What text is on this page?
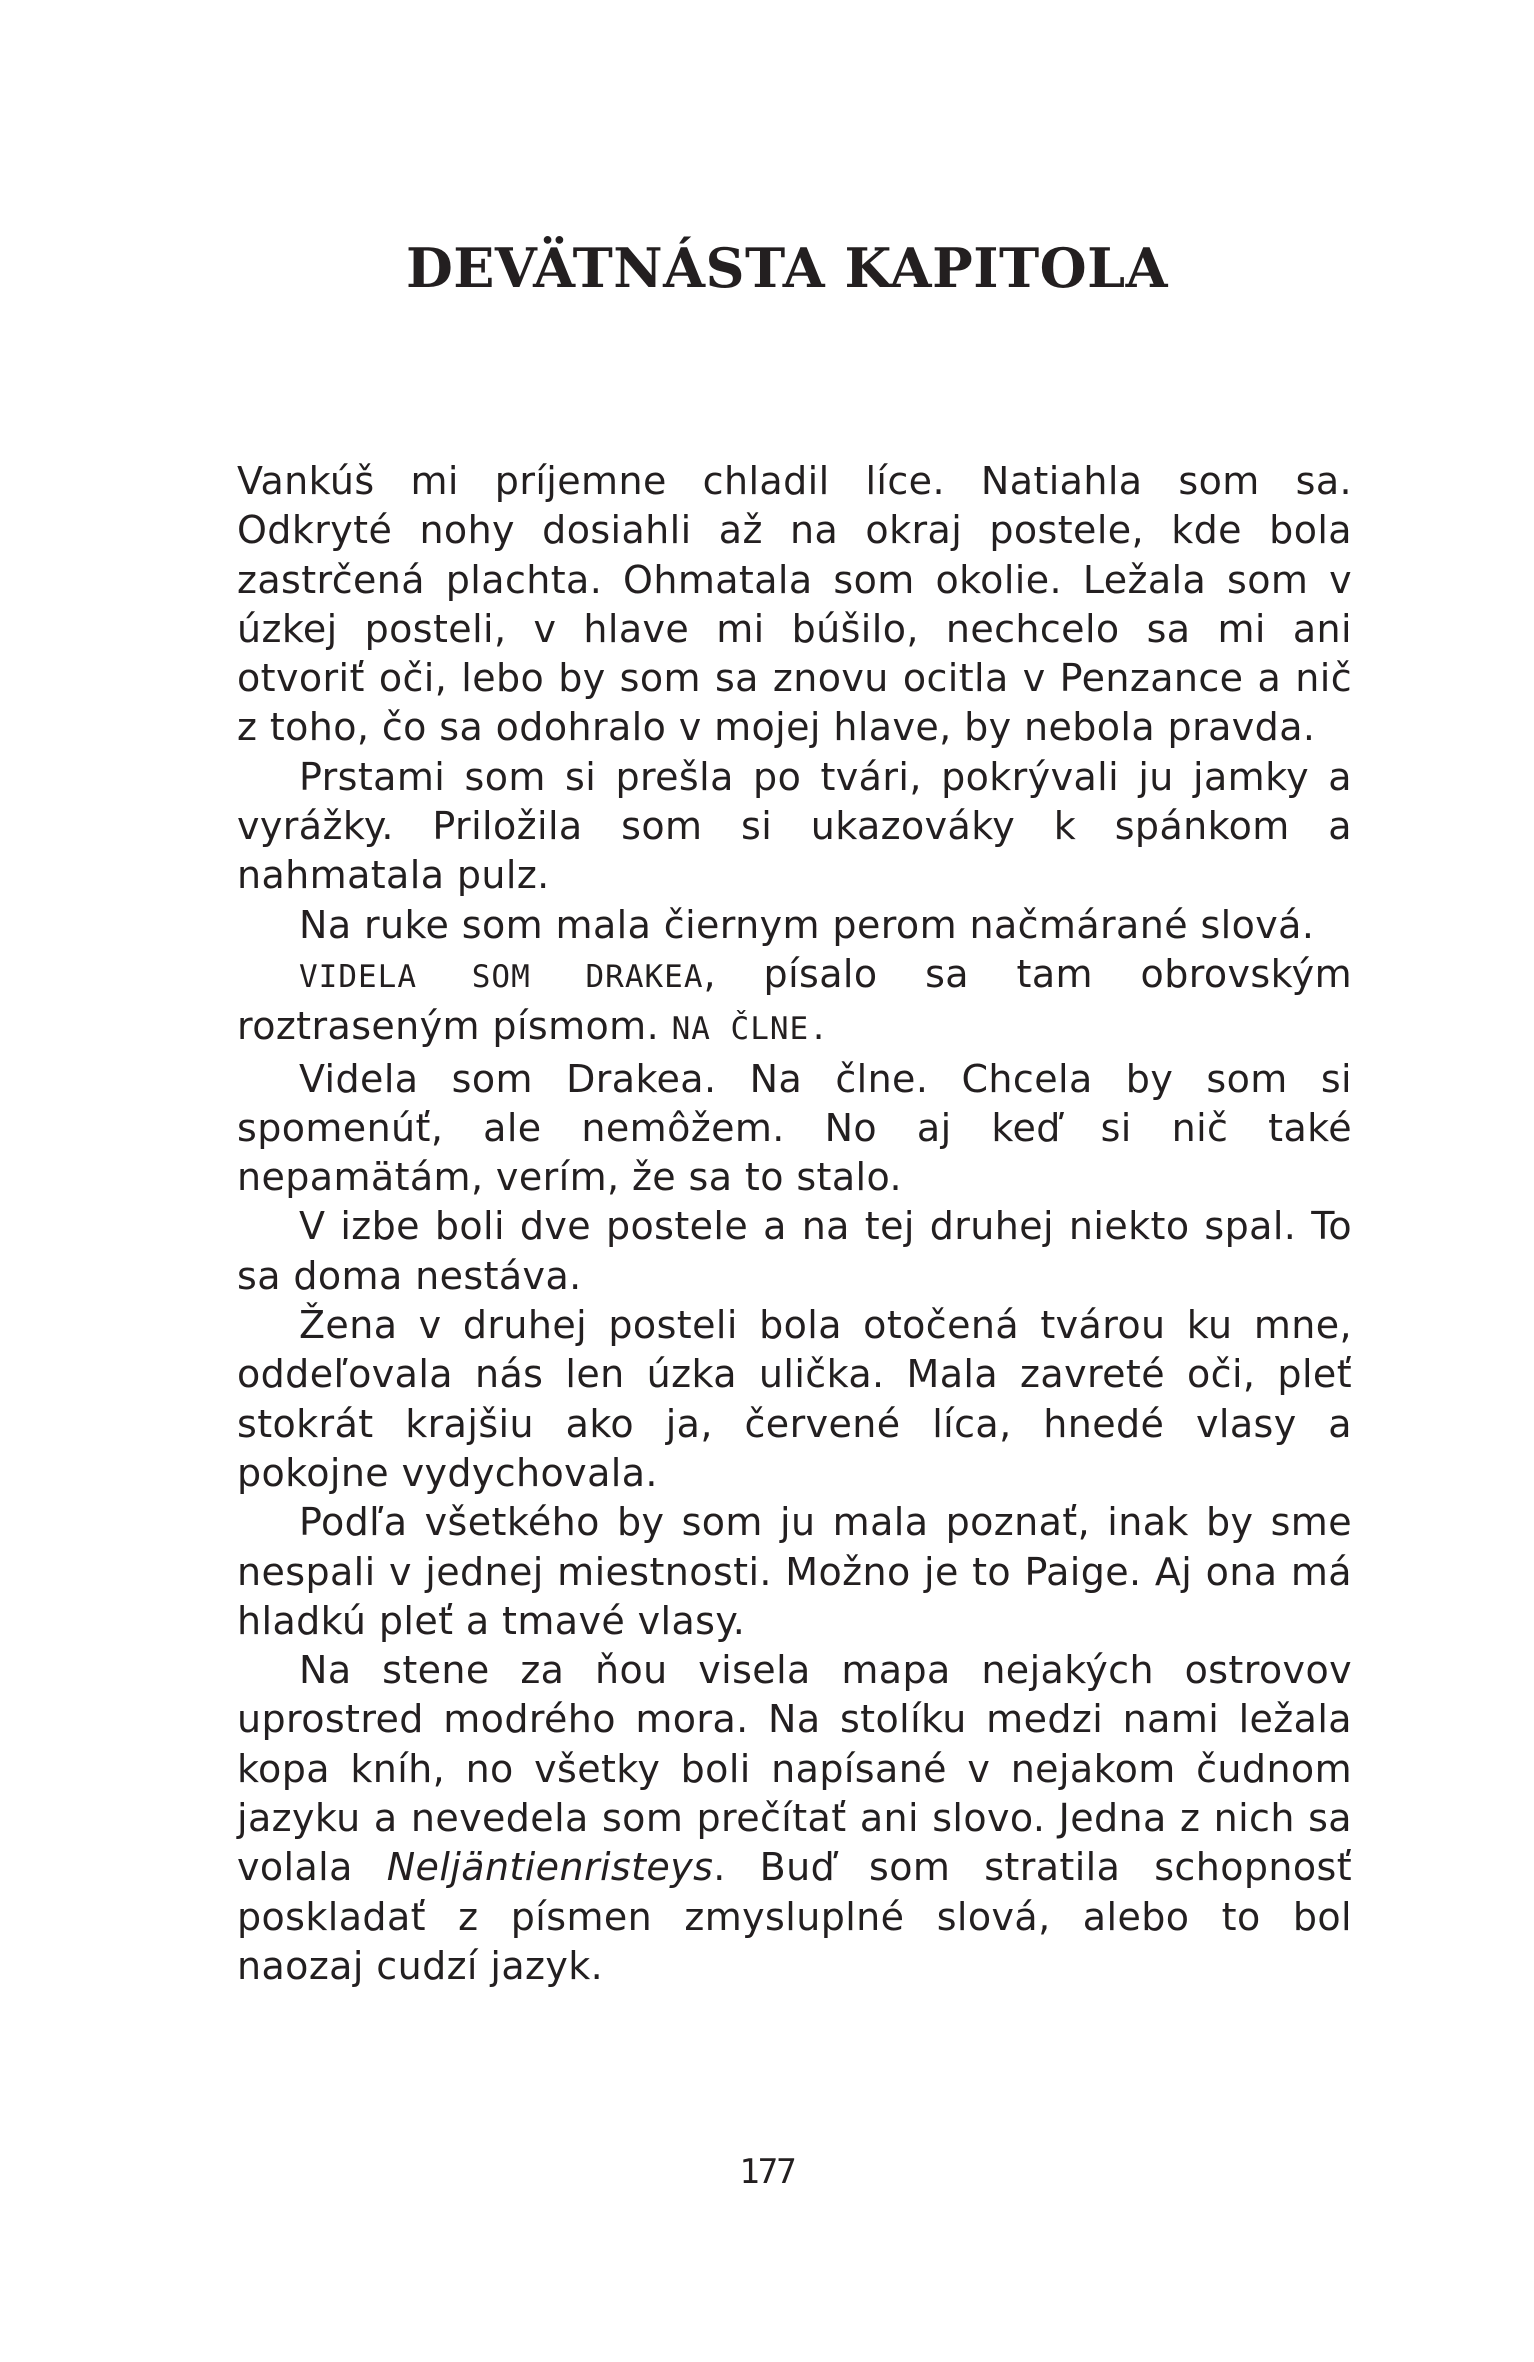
DEVÄTNÁSTA KAPITOLA

Vankúš mi príjemne chladil líce. Natiahla som sa. Odkryté nohy dosiahli až na okraj postele, kde bola zastrčená plachta. Ohmatala som okolie. Ležala som v úzkej posteli, v hlave mi búšilo, nechcelo sa mi ani otvoriť oči, lebo by som sa znovu ocitla v Penzance a nič z toho, čo sa odohralo v mojej hlave, by nebola pravda.

Prstami som si prešla po tvári, pokrývali ju jamky a vyrážky. Priložila som si ukazováky k spánkom a nahmatala pulz.

Na ruke som mala čiernym perom načmárané slová.

VIDELA SOM DRAKEA, písalo sa tam obrovským roztraseným písmom. NA ČLNE.

Videla som Drakea. Na člne. Chcela by som si spomenúť, ale nemôžem. No aj keď si nič také nepamätám, verím, že sa to stalo.

V izbe boli dve postele a na tej druhej niekto spal. To sa doma nestáva.

Žena v druhej posteli bola otočená tvárou ku mne, oddeľovala nás len úzka ulička. Mala zavreté oči, pleť stokrát krajšiu ako ja, červené líca, hnedé vlasy a pokojne vydychovala.

Podľa všetkého by som ju mala poznať, inak by sme nespali v jednej miestnosti. Možno je to Paige. Aj ona má hladkú pleť a tmavé vlasy.

Na stene za ňou visela mapa nejakých ostrovov uprostred modrého mora. Na stolíku medzi nami ležala kopa kníh, no všetky boli napísané v nejakom čudnom jazyku a nevedela som prečítať ani slovo. Jedna z nich sa volala Neljäntienristeys. Buď som stratila schopnosť poskladať z písmen zmysluplné slová, alebo to bol naozaj cudzí jazyk.

177
